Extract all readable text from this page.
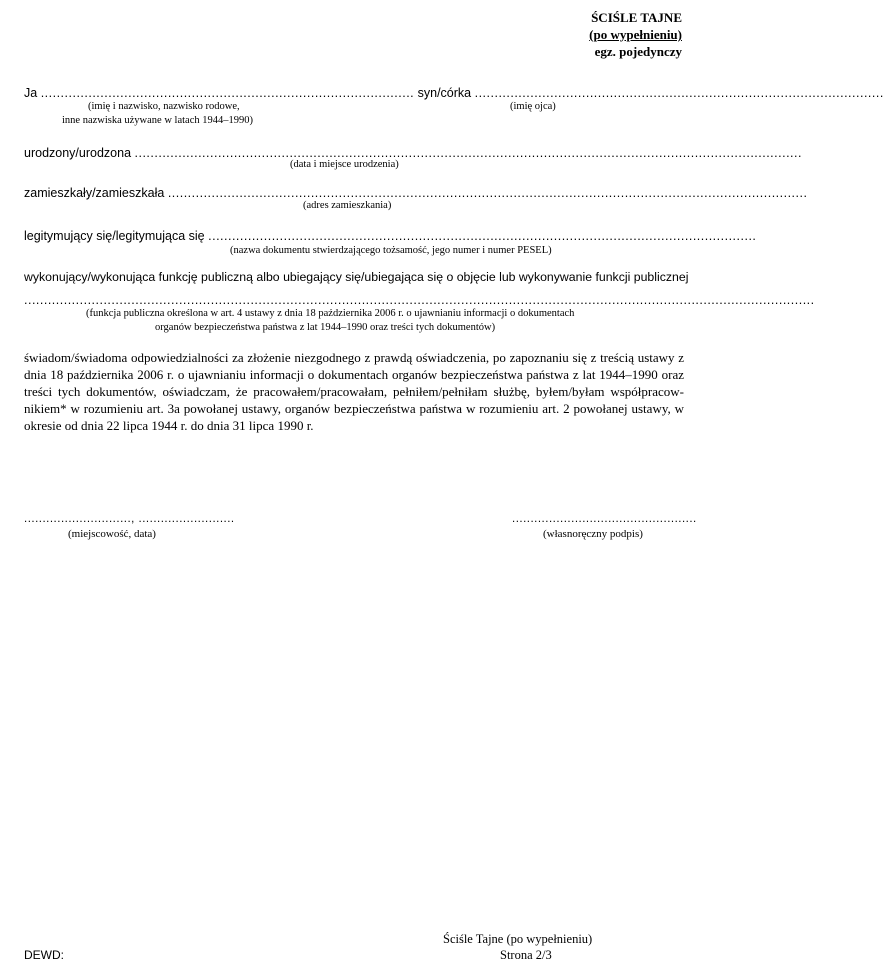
ŚCIŚLE TAJNE
(po wypełnieniu)
egz. pojedynczy
Ja .............................................................................................. syn/córka .......................................................................................................
(imię i nazwisko, nazwisko rodowe,
inne nazwiska używane w latach 1944–1990)
(imię ojca)
urodzony/urodzona ........................................................................................................................................................................
(data i miejsce urodzenia)
zamieszkały/zamieszkała .................................................................................................................................................................
(adres zamieszkania)
legitymujący się/legitymująca się ..........................................................................................................................................
(nazwa dokumentu stwierdzającego tożsamość, jego numer i numer PESEL)
wykonujący/wykonująca funkcję publiczną albo ubiegający się/ubiegająca się o objęcie lub wykonywanie funkcji publicznej
.......................................................................................................................................................................................................
(funkcja publiczna określona w art. 4 ustawy z dnia 18 października 2006 r. o ujawnianiu informacji o dokumentach
organów bezpieczeństwa państwa z lat 1944–1990 oraz treści tych dokumentów)
świadom/świadoma odpowiedzialności za złożenie niezgodnego z prawdą oświadczenia, po zapoznaniu się z treścią ustawy z dnia 18 października 2006 r. o ujawnianiu informacji o dokumentach organów bezpieczeństwa państwa z lat 1944–1990 oraz treści tych dokumentów, oświadczam, że pracowałem/pracowałam, pełniłem/pełniłam służbę, byłem/byłam współpracow-nikiem* w rozumieniu art. 3a powołanej ustawy, organów bezpieczeństwa państwa w rozumieniu art. 2 powołanej ustawy, w okresie od dnia 22 lipca 1944 r. do dnia 31 lipca 1990 r.
............................., ..........................
(miejscowość, data)
..................................................
(własnoręczny podpis)
Ściśle Tajne (po wypełnieniu)
Strona 2/3
DEWD:
